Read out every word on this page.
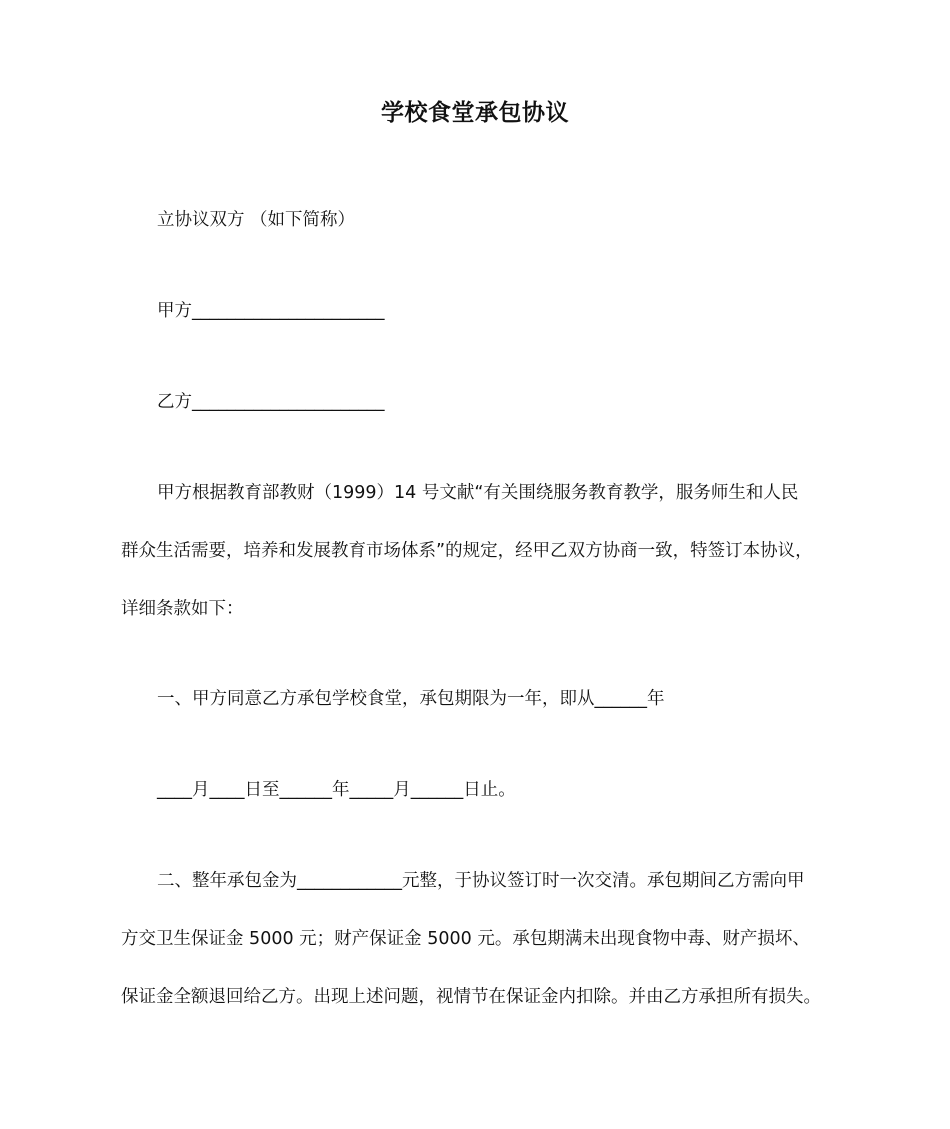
学校食堂承包协议

立协议双方 （如下简称）

甲方______________________

乙方______________________

甲方根据教育部教财（1999）14 号文献“有关围绕服务教育教学，服务师生和人民

群众生活需要，培养和发展教育市场体系”的规定，经甲乙双方协商一致，特签订本协议，

详细条款如下：

一、甲方同意乙方承包学校食堂，承包期限为一年，即从______年

____月____日至______年_____月______日止。

二、整年承包金为____________元整，于协议签订时一次交清。承包期间乙方需向甲

方交卫生保证金 5000 元；财产保证金 5000 元。承包期满未出现食物中毒、财产损坏、

保证金全额退回给乙方。出现上述问题，视情节在保证金内扣除。并由乙方承担所有损失。
